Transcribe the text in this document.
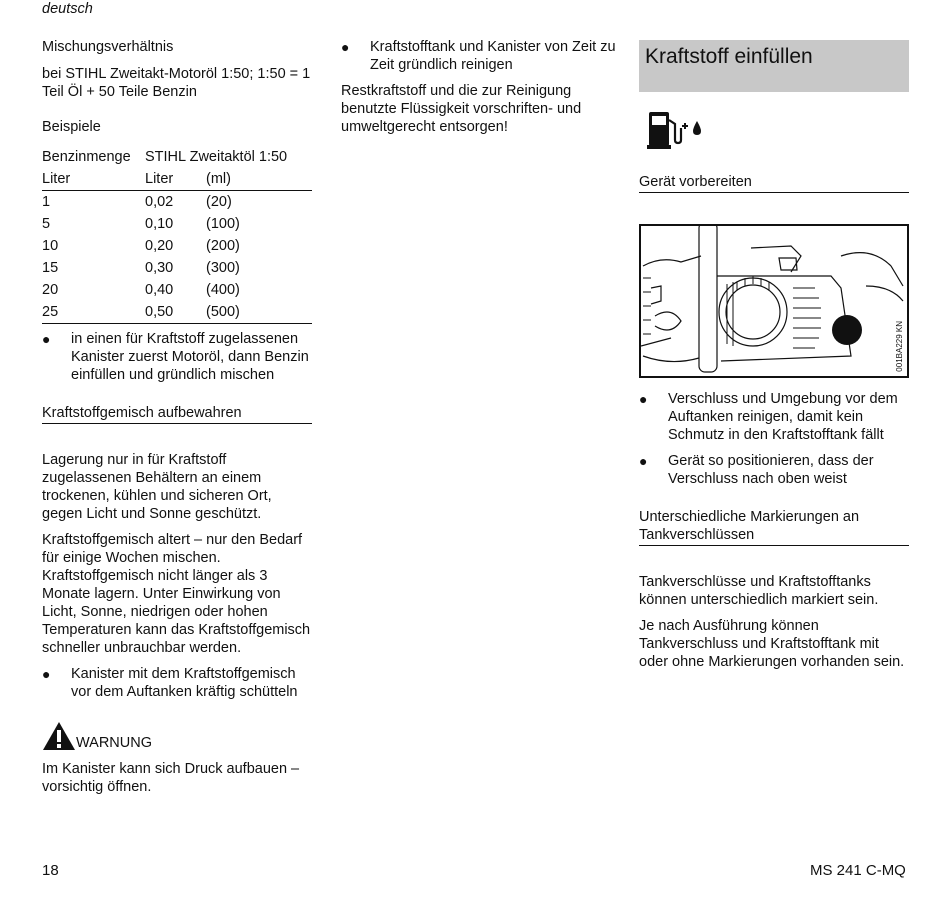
deutsch

Mischungsverhältnis

bei STIHL Zweitakt-Motoröl 1:50; 1:50 = 1 Teil Öl + 50 Teile Benzin

Beispiele

Benzinmenge	STIHL Zweitaktöl 1:50	
Liter	Liter	(ml)
1	0,02	(20)
5	0,10	(100)
10	0,20	(200)
15	0,30	(300)
20	0,40	(400)
25	0,50	(500)
● in einen für Kraftstoff zugelassenen Kanister zuerst Motoröl, dann Benzin einfüllen und gründlich mischen

Kraftstoffgemisch aufbewahren

Lagerung nur in für Kraftstoff zugelassenen Behältern an einem trockenen, kühlen und sicheren Ort, gegen Licht und Sonne geschützt.

Kraftstoffgemisch altert – nur den Bedarf für einige Wochen mischen. Kraftstoffgemisch nicht länger als 3 Monate lagern. Unter Einwirkung von Licht, Sonne, niedrigen oder hohen Temperaturen kann das Kraftstoffgemisch schneller unbrauchbar werden.

● Kanister mit dem Kraftstoffgemisch vor dem Auftanken kräftig schütteln
WARNUNG

Im Kanister kann sich Druck aufbauen – vorsichtig öffnen.

● Kraftstofftank und Kanister von Zeit zu Zeit gründlich reinigen

Restkraftstoff und die zur Reinigung benutzte Flüssigkeit vorschriften- und umweltgerecht entsorgen!

Kraftstoff einfüllen

Gerät vorbereiten

001BA229 KN
● Verschluss und Umgebung vor dem Auftanken reinigen, damit kein Schmutz in den Kraftstofftank fällt
● Gerät so positionieren, dass der Verschluss nach oben weist

Unterschiedliche Markierungen an Tankverschlüssen

Tankverschlüsse und Kraftstofftanks können unterschiedlich markiert sein.

Je nach Ausführung können Tankverschluss und Kraftstofftank mit oder ohne Markierungen vorhanden sein.

18	MS 241 C-MQ
